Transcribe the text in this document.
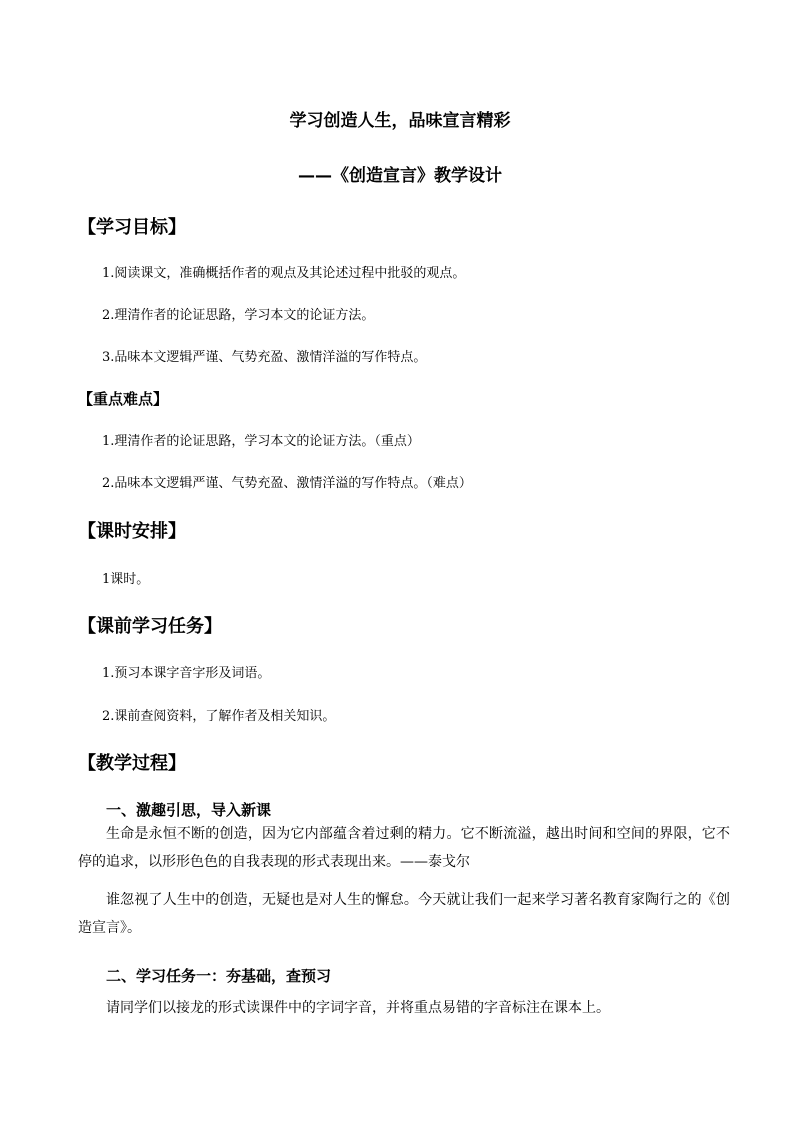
学习创造人生，品味宣言精彩
——《创造宣言》教学设计
【学习目标】

1.阅读课文，准确概括作者的观点及其论述过程中批驳的观点。

2.理清作者的论证思路，学习本文的论证方法。

3.品味本文逻辑严谨、气势充盈、激情洋溢的写作特点。

【重点难点】

1.理清作者的论证思路，学习本文的论证方法。（重点）

2.品味本文逻辑严谨、气势充盈、激情洋溢的写作特点。（难点）

【课时安排】

1课时。

【课前学习任务】

1.预习本课字音字形及词语。

2.课前查阅资料，了解作者及相关知识。

【教学过程】
一、激趣引思，导入新课

生命是永恒不断的创造，因为它内部蕴含着过剩的精力。它不断流溢，越出时间和空间的界限，它不停的追求，以形形色色的自我表现的形式表现出来。——泰戈尔

谁忽视了人生中的创造，无疑也是对人生的懈怠。今天就让我们一起来学习著名教育家陶行之的《创造宣言》。

二、学习任务一：夯基础，查预习

请同学们以接龙的形式读课件中的字词字音，并将重点易错的字音标注在课本上。
